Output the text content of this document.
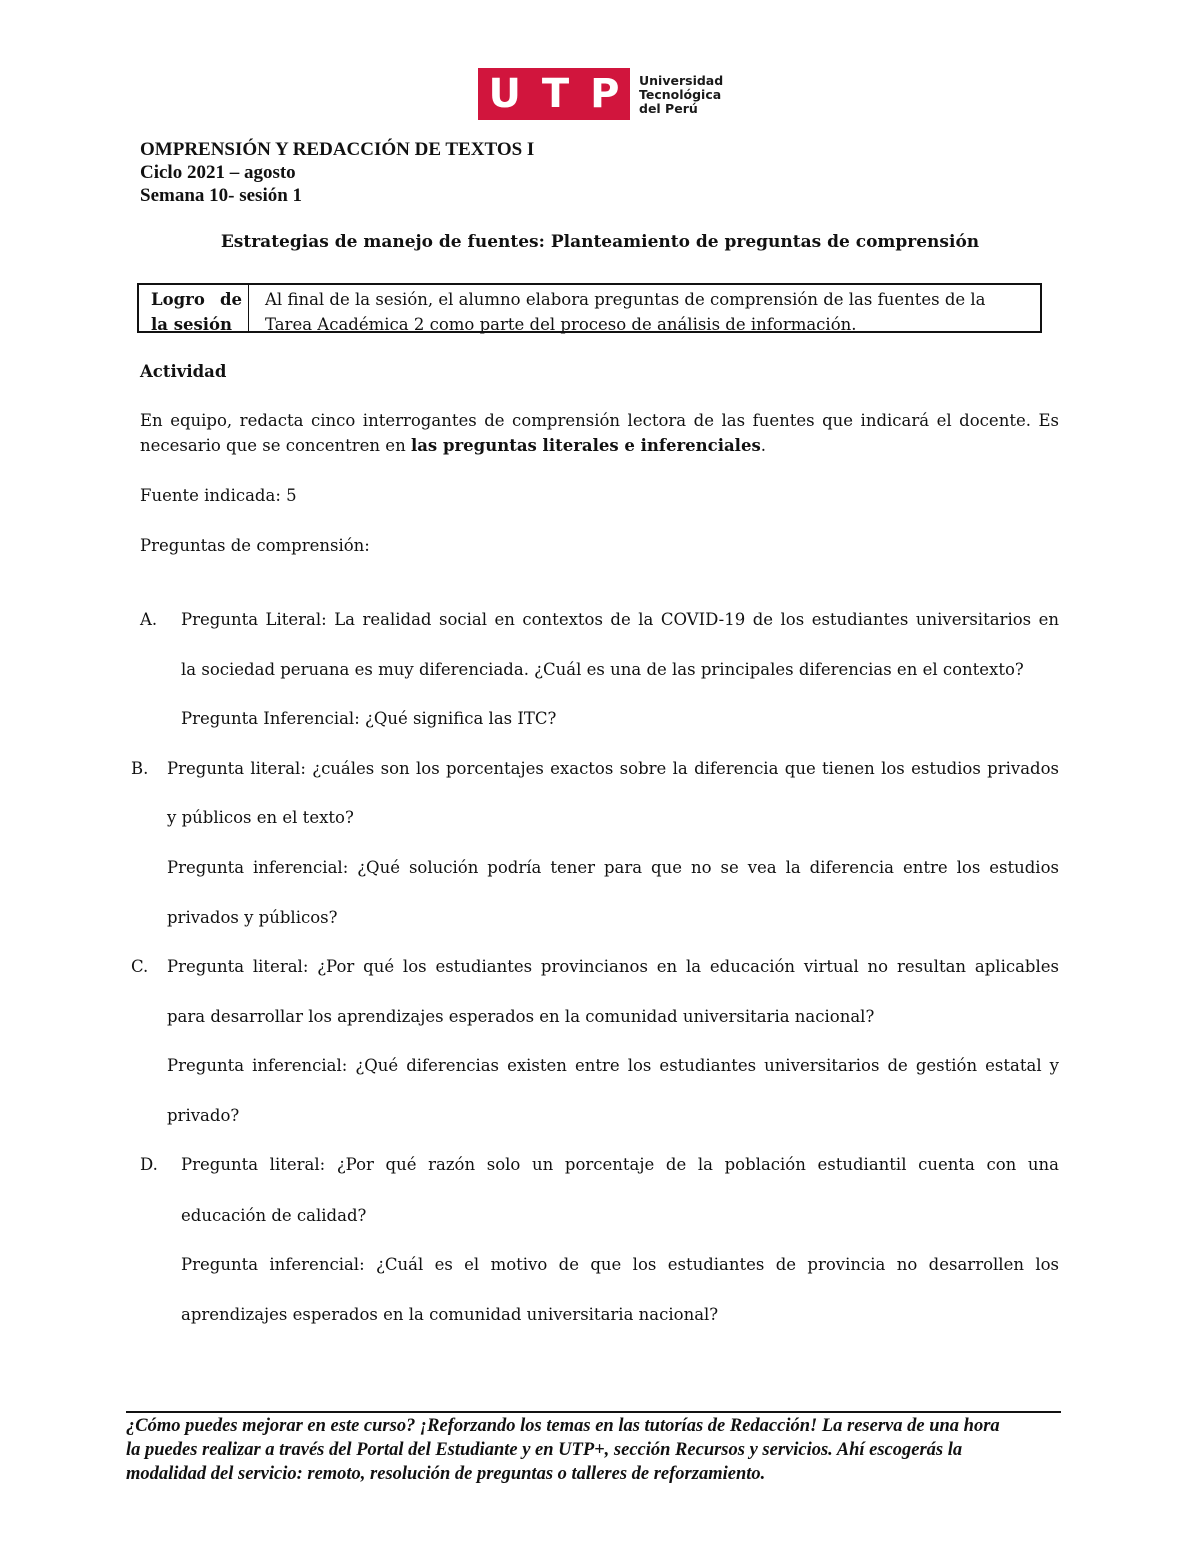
U T P Universidad
Tecnológica
del Perú
OMPRENSIÓN Y REDACCIÓN DE TEXTOS I
Ciclo 2021 – agosto
Semana 10- sesión 1
Estrategias de manejo de fuentes: Planteamiento de preguntas de comprensión
Logro de
la sesión
Al final de la sesión, el alumno elabora preguntas de comprensión de las fuentes de la
Tarea Académica 2 como parte del proceso de análisis de información.
Actividad
En equipo, redacta cinco interrogantes de comprensión lectora de las fuentes que indicará el docente. Es
necesario que se concentren en las preguntas literales e inferenciales.
Fuente indicada: 5
Preguntas de comprensión:
A. Pregunta Literal: La realidad social en contextos de la COVID-19 de los estudiantes universitarios en
la sociedad peruana es muy diferenciada. ¿Cuál es una de las principales diferencias en el contexto?
Pregunta Inferencial: ¿Qué significa las ITC?
B. Pregunta literal: ¿cuáles son los porcentajes exactos sobre la diferencia que tienen los estudios privados
y públicos en el texto?
Pregunta inferencial: ¿Qué solución podría tener para que no se vea la diferencia entre los estudios
privados y públicos?
C. Pregunta literal: ¿Por qué los estudiantes provincianos en la educación virtual no resultan aplicables
para desarrollar los aprendizajes esperados en la comunidad universitaria nacional?
Pregunta inferencial: ¿Qué diferencias existen entre los estudiantes universitarios de gestión estatal y
privado?
D. Pregunta literal: ¿Por qué razón solo un porcentaje de la población estudiantil cuenta con una
educación de calidad?
Pregunta inferencial: ¿Cuál es el motivo de que los estudiantes de provincia no desarrollen los
aprendizajes esperados en la comunidad universitaria nacional?
¿Cómo puedes mejorar en este curso? ¡Reforzando los temas en las tutorías de Redacción! La reserva de una hora
la puedes realizar a través del Portal del Estudiante y en UTP+, sección Recursos y servicios. Ahí escogerás la
modalidad del servicio: remoto, resolución de preguntas o talleres de reforzamiento.
